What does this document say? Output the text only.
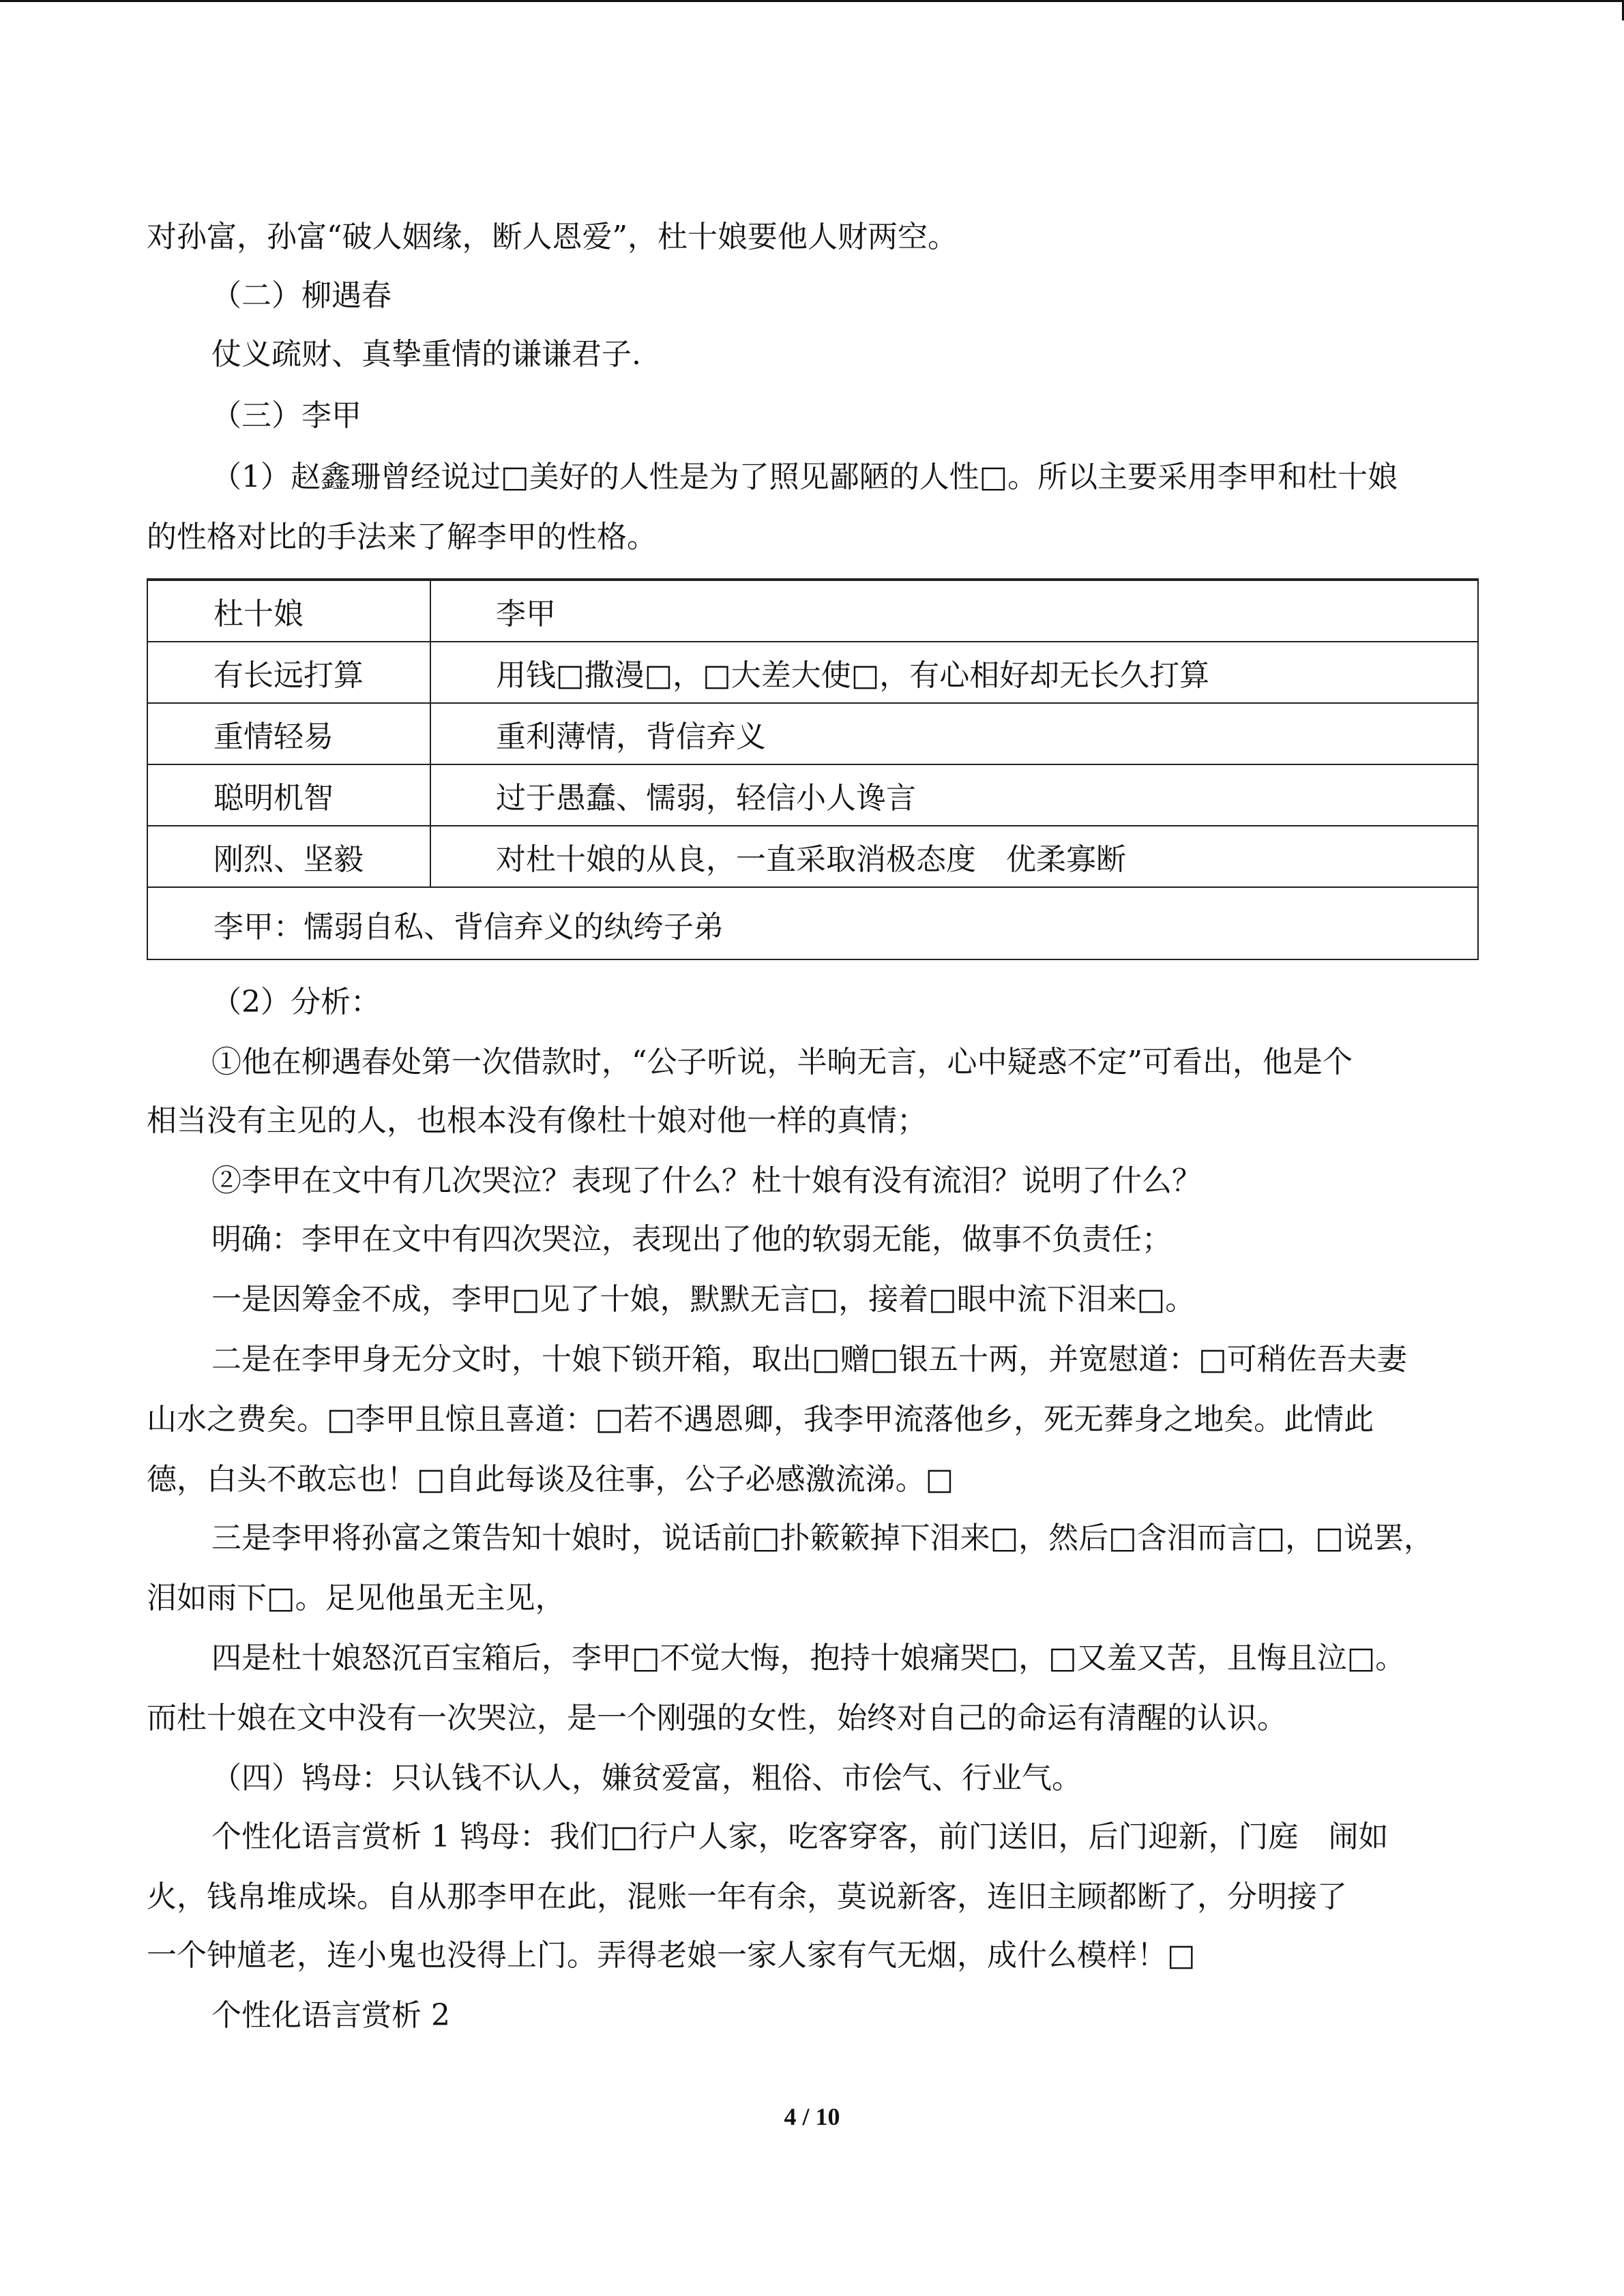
对孙富，孙富“破人姻缘，断人恩爱”，杜十娘要他人财两空。
（二）柳遇春
仗义疏财、真挚重情的谦谦君子.
（三）李甲
（1）赵鑫珊曾经说过□美好的人性是为了照见鄙陋的人性□。所以主要采用李甲和杜十娘
的性格对比的手法来了解李甲的性格。
杜十娘	李甲
有长远打算	用钱□撒漫□，□大差大使□，有心相好却无长久打算
重情轻易	重利薄情，背信弃义
聪明机智	过于愚蠢、懦弱，轻信小人谗言
刚烈、坚毅	对杜十娘的从良，一直采取消极态度　优柔寡断
李甲：懦弱自私、背信弃义的纨绔子弟
（2）分析：
①他在柳遇春处第一次借款时，“公子听说，半晌无言，心中疑惑不定”可看出，他是个
相当没有主见的人，也根本没有像杜十娘对他一样的真情；
②李甲在文中有几次哭泣？表现了什么？杜十娘有没有流泪？说明了什么？
明确：李甲在文中有四次哭泣，表现出了他的软弱无能，做事不负责任；
一是因筹金不成，李甲□见了十娘，默默无言□，接着□眼中流下泪来□。
二是在李甲身无分文时，十娘下锁开箱，取出□赠□银五十两，并宽慰道：□可稍佐吾夫妻
山水之费矣。□李甲且惊且喜道：□若不遇恩卿，我李甲流落他乡，死无葬身之地矣。此情此
德，白头不敢忘也！□自此每谈及往事，公子必感激流涕。□
三是李甲将孙富之策告知十娘时，说话前□扑簌簌掉下泪来□，然后□含泪而言□，□说罢，
泪如雨下□。足见他虽无主见，
四是杜十娘怒沉百宝箱后，李甲□不觉大悔，抱持十娘痛哭□，□又羞又苦，且悔且泣□。
而杜十娘在文中没有一次哭泣，是一个刚强的女性，始终对自己的命运有清醒的认识。
（四）鸨母：只认钱不认人，嫌贫爱富，粗俗、市侩气、行业气。
个性化语言赏析 1 鸨母：我们□行户人家，吃客穿客，前门送旧，后门迎新，门庭　闹如
火，钱帛堆成垛。自从那李甲在此，混账一年有余，莫说新客，连旧主顾都断了，分明接了
一个钟馗老，连小鬼也没得上门。弄得老娘一家人家有气无烟，成什么模样！□
个性化语言赏析 2
4 / 10
